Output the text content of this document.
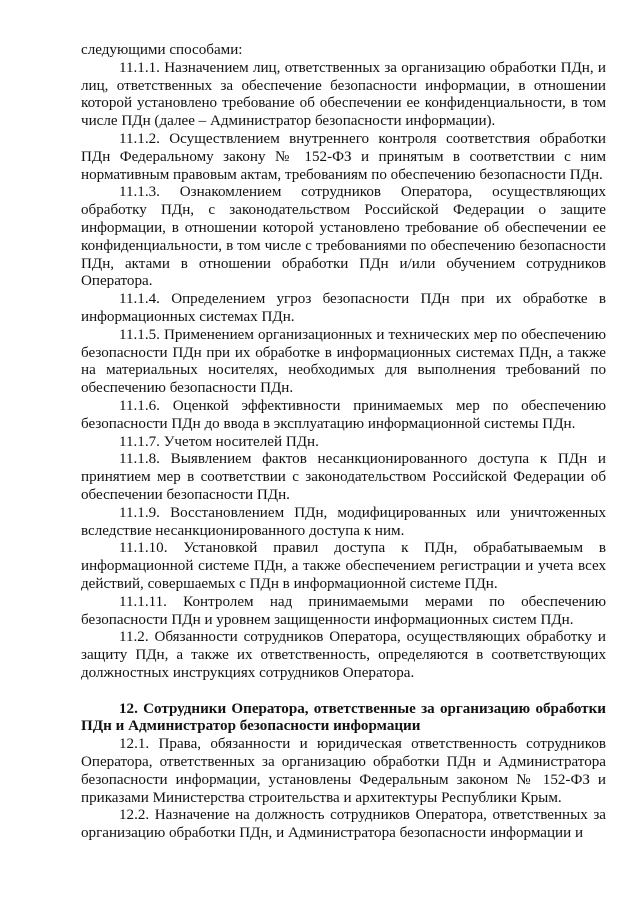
следующими способами:

11.1.1. Назначением лиц, ответственных за организацию обработки ПДн, и лиц, ответственных за обеспечение безопасности информации, в отношении которой установлено требование об обеспечении ее конфиденциальности, в том числе ПДн (далее – Администратор безопасности информации).

11.1.2. Осуществлением внутреннего контроля соответствия обработки ПДн Федеральному закону № 152-ФЗ и принятым в соответствии с ним нормативным правовым актам, требованиям по обеспечению безопасности ПДн.

11.1.3. Ознакомлением сотрудников Оператора, осуществляющих обработку ПДн, с законодательством Российской Федерации о защите информации, в отношении которой установлено требование об обеспечении ее конфиденциальности, в том числе с требованиями по обеспечению безопасности ПДн, актами в отношении обработки ПДн и/или обучением сотрудников Оператора.

11.1.4. Определением угроз безопасности ПДн при их обработке в информационных системах ПДн.

11.1.5. Применением организационных и технических мер по обеспечению безопасности ПДн при их обработке в информационных системах ПДн, а также на материальных носителях, необходимых для выполнения требований по обеспечению безопасности ПДн.

11.1.6. Оценкой эффективности принимаемых мер по обеспечению безопасности ПДн до ввода в эксплуатацию информационной системы ПДн.

11.1.7. Учетом носителей ПДн.

11.1.8. Выявлением фактов несанкционированного доступа к ПДн и принятием мер в соответствии с законодательством Российской Федерации об обеспечении безопасности ПДн.

11.1.9. Восстановлением ПДн, модифицированных или уничтоженных вследствие несанкционированного доступа к ним.

11.1.10. Установкой правил доступа к ПДн, обрабатываемым в информационной системе ПДн, а также обеспечением регистрации и учета всех действий, совершаемых с ПДн в информационной системе ПДн.

11.1.11. Контролем над принимаемыми мерами по обеспечению безопасности ПДн и уровнем защищенности информационных систем ПДн.

11.2. Обязанности сотрудников Оператора, осуществляющих обработку и защиту ПДн, а также их ответственность, определяются в соответствующих должностных инструкциях сотрудников Оператора.

12. Сотрудники Оператора, ответственные за организацию обработки ПДн и Администратор безопасности информации

12.1. Права, обязанности и юридическая ответственность сотрудников Оператора, ответственных за организацию обработки ПДн и Администратора безопасности информации, установлены Федеральным законом № 152-ФЗ и приказами Министерства строительства и архитектуры Республики Крым.

12.2. Назначение на должность сотрудников Оператора, ответственных за организацию обработки ПДн, и Администратора безопасности информации и
